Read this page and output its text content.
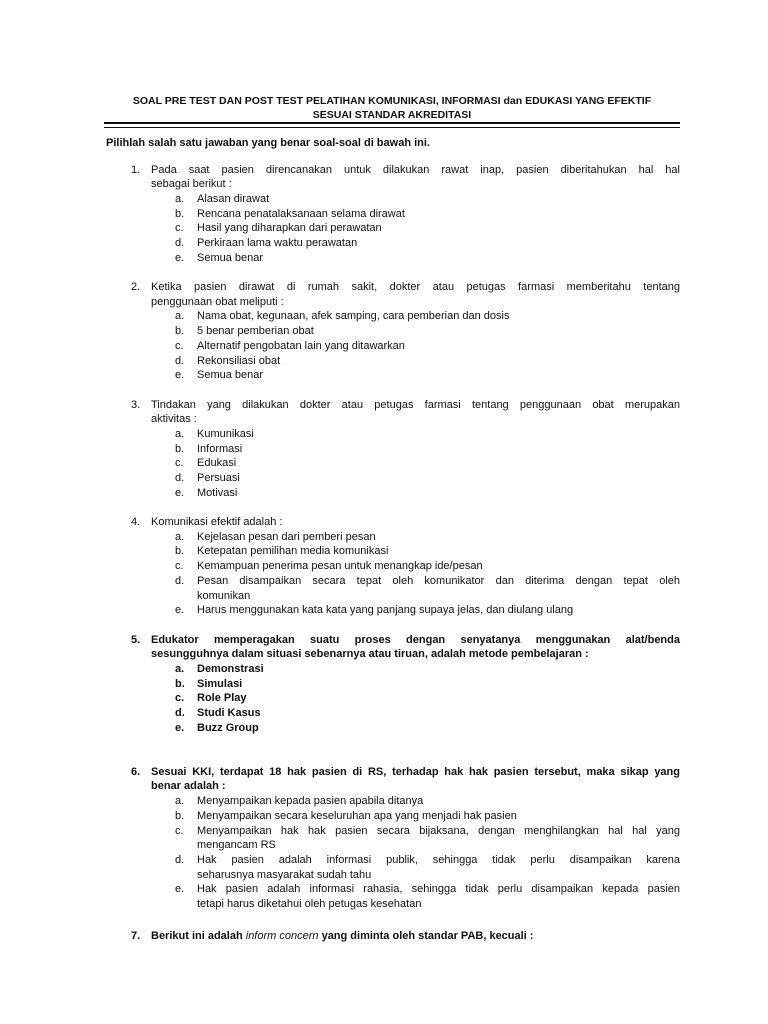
SOAL PRE TEST DAN POST TEST PELATIHAN KOMUNIKASI, INFORMASI dan EDUKASI YANG EFEKTIF
SESUAI STANDAR AKREDITASI
Pilihlah salah satu jawaban yang benar soal-soal di bawah ini.
1. Pada saat pasien direncanakan untuk dilakukan rawat inap, pasien diberitahukan hal hal
sebagai berikut :
a. Alasan dirawat
b. Rencana penatalaksanaan selama dirawat
c. Hasil yang diharapkan dari perawatan
d. Perkiraan lama waktu perawatan
e. Semua benar
2. Ketika pasien dirawat di rumah sakit, dokter atau petugas farmasi memberitahu tentang
penggunaan obat meliputi :
a. Nama obat, kegunaan, afek samping, cara pemberian dan dosis
b. 5 benar pemberian obat
c. Alternatif pengobatan lain yang ditawarkan
d. Rekonsiliasi obat
e. Semua benar
3. Tindakan yang dilakukan dokter atau petugas farmasi tentang penggunaan obat merupakan
aktivitas :
a. Kumunikasi
b. Informasi
c. Edukasi
d. Persuasi
e. Motivasi
4. Komunikasi efektif adalah :
a. Kejelasan pesan dari pemberi pesan
b. Ketepatan pemilihan media komunikasi
c. Kemampuan penerima pesan untuk menangkap ide/pesan
d. Pesan disampaikan secara tepat oleh komunikator dan diterima dengan tepat oleh
komunikan
e. Harus menggunakan kata kata yang panjang supaya jelas, dan diulang ulang
5. Edukator memperagakan suatu proses dengan senyatanya menggunakan alat/benda
sesungguhnya dalam situasi sebenarnya atau tiruan, adalah metode pembelajaran :
a. Demonstrasi
b. Simulasi
c. Role Play
d. Studi Kasus
e. Buzz Group
6. Sesuai KKI, terdapat 18 hak pasien di RS, terhadap hak hak pasien tersebut, maka sikap yang
benar adalah :
a. Menyampaikan kepada pasien apabila ditanya
b. Menyampaikan secara keseluruhan apa yang menjadi hak pasien
c. Menyampaikan hak hak pasien secara bijaksana, dengan menghilangkan hal hal yang
mengancam RS
d. Hak pasien adalah informasi publik, sehingga tidak perlu disampaikan karena
seharusnya masyarakat sudah tahu
e. Hak pasien adalah informasi rahasia, sehingga tidak perlu disampaikan kepada pasien
tetapi harus diketahui oleh petugas kesehatan
7. Berikut ini adalah inform concern yang diminta oleh standar PAB, kecuali :
